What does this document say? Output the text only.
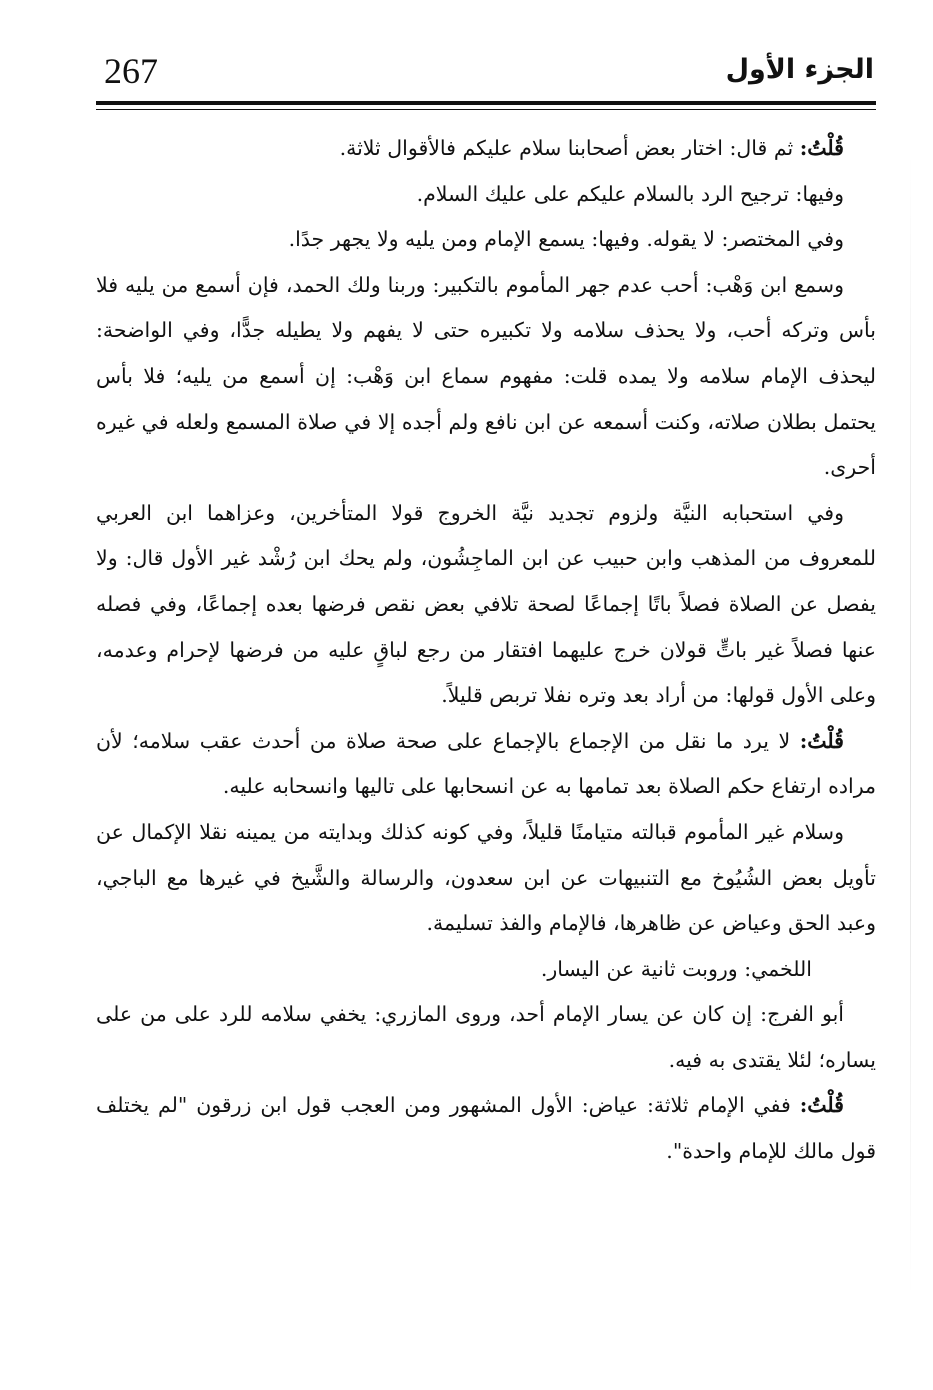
267	الجزء الأول

قُلْتُ: ثم قال: اختار بعض أصحابنا سلام عليكم فالأقوال ثلاثة.

وفيها: ترجيح الرد بالسلام عليكم على عليك السلام.

وفي المختصر: لا يقوله. وفيها: يسمع الإمام ومن يليه ولا يجهر جدًا.

وسمع ابن وَهْب: أحب عدم جهر المأموم بالتكبير: وربنا ولك الحمد، فإن أسمع من يليه فلا بأس وتركه أحب، ولا يحذف سلامه ولا تكبيره حتى لا يفهم ولا يطيله جدًّا، وفي الواضحة: ليحذف الإمام سلامه ولا يمده قلت: مفهوم سماع ابن وَهْب: إن أسمع من يليه؛ فلا بأس يحتمل بطلان صلاته، وكنت أسمعه عن ابن نافع ولم أجده إلا في صلاة المسمع ولعله في غيره أحرى.

وفي استحبابه النيَّة ولزوم تجديد نيَّة الخروج قولا المتأخرين، وعزاهما ابن العربي للمعروف من المذهب وابن حبيب عن ابن الماجِشُون، ولم يحك ابن رُشْد غير الأول قال: ولا يفصل عن الصلاة فصلاً باتًا إجماعًا لصحة تلافي بعض نقص فرضها بعده إجماعًا، وفي فصله عنها فصلاً غير باتٍّ قولان خرج عليهما افتقار من رجع لباقٍ عليه من فرضها لإحرام وعدمه، وعلى الأول قولها: من أراد بعد وتره نفلا تربص قليلاً.

قُلْتُ: لا يرد ما نقل من الإجماع بالإجماع على صحة صلاة من أحدث عقب سلامه؛ لأن مراده ارتفاع حكم الصلاة بعد تمامها به عن انسحابها على تاليها وانسحابه عليه.

وسلام غير المأموم قبالته متيامنًا قليلاً، وفي كونه كذلك وبدايته من يمينه نقلا الإكمال عن تأويل بعض الشُيُوخ مع التنبيهات عن ابن سعدون، والرسالة والشَّيخ في غيرها مع الباجي، وعبد الحق وعياض عن ظاهرها، فالإمام والفذ تسليمة.

اللخمي: وروبت ثانية عن اليسار.

أبو الفرج: إن كان عن يسار الإمام أحد، وروى المازري: يخفي سلامه للرد على من على يساره؛ لئلا يقتدى به فيه.

قُلْتُ: ففي الإمام ثلاثة: عياض: الأول المشهور ومن العجب قول ابن زرقون "لم يختلف قول مالك للإمام واحدة".
